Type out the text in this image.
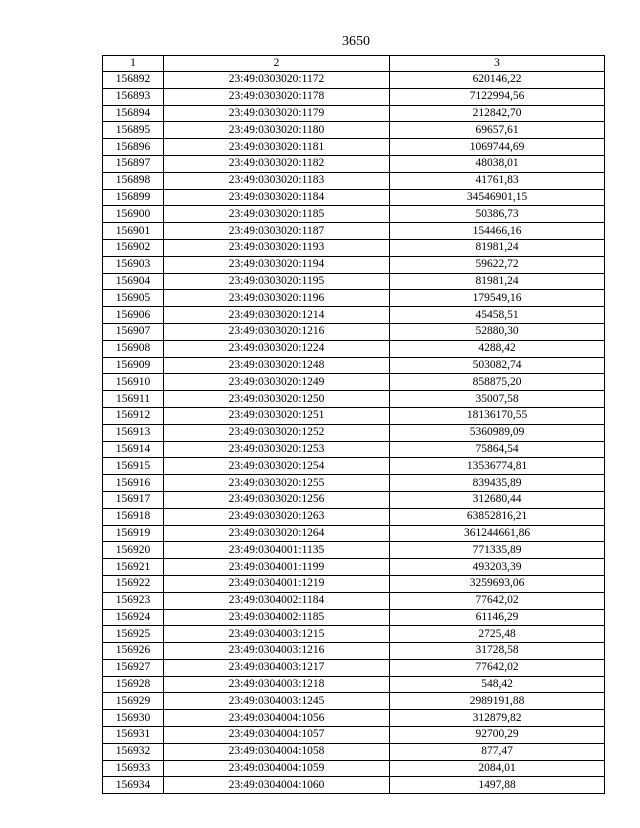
3650
1	2	3
156892	23:49:0303020:1172	620146,22
156893	23:49:0303020:1178	7122994,56
156894	23:49:0303020:1179	212842,70
156895	23:49:0303020:1180	69657,61
156896	23:49:0303020:1181	1069744,69
156897	23:49:0303020:1182	48038,01
156898	23:49:0303020:1183	41761,83
156899	23:49:0303020:1184	34546901,15
156900	23:49:0303020:1185	50386,73
156901	23:49:0303020:1187	154466,16
156902	23:49:0303020:1193	81981,24
156903	23:49:0303020:1194	59622,72
156904	23:49:0303020:1195	81981,24
156905	23:49:0303020:1196	179549,16
156906	23:49:0303020:1214	45458,51
156907	23:49:0303020:1216	52880,30
156908	23:49:0303020:1224	4288,42
156909	23:49:0303020:1248	503082,74
156910	23:49:0303020:1249	858875,20
156911	23:49:0303020:1250	35007,58
156912	23:49:0303020:1251	18136170,55
156913	23:49:0303020:1252	5360989,09
156914	23:49:0303020:1253	75864,54
156915	23:49:0303020:1254	13536774,81
156916	23:49:0303020:1255	839435,89
156917	23:49:0303020:1256	312680,44
156918	23:49:0303020:1263	63852816,21
156919	23:49:0303020:1264	361244661,86
156920	23:49:0304001:1135	771335,89
156921	23:49:0304001:1199	493203,39
156922	23:49:0304001:1219	3259693,06
156923	23:49:0304002:1184	77642,02
156924	23:49:0304002:1185	61146,29
156925	23:49:0304003:1215	2725,48
156926	23:49:0304003:1216	31728,58
156927	23:49:0304003:1217	77642,02
156928	23:49:0304003:1218	548,42
156929	23:49:0304003:1245	2989191,88
156930	23:49:0304004:1056	312879,82
156931	23:49:0304004:1057	92700,29
156932	23:49:0304004:1058	877,47
156933	23:49:0304004:1059	2084,01
156934	23:49:0304004:1060	1497,88
